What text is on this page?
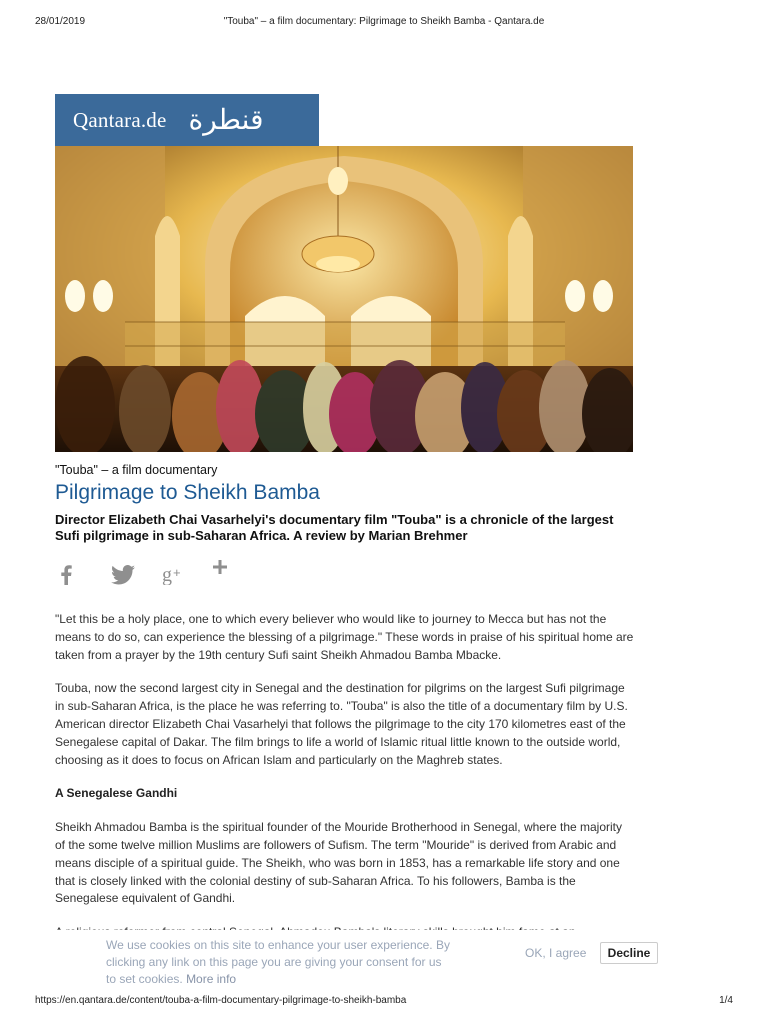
28/01/2019	"Touba" – a film documentary: Pilgrimage to Sheikh Bamba - Qantara.de
Qantara.de قنطرة
"Touba" – a film documentary
Pilgrimage to Sheikh Bamba

Director Elizabeth Chai Vasarhelyi's documentary film "Touba" is a chronicle of the largest Sufi pilgrimage in sub-Saharan Africa. A review by Marian Brehmer

g +

"Let this be a holy place, one to which every believer who would like to journey to Mecca but has not the means to do so, can experience the blessing of a pilgrimage." These words in praise of his spiritual home are taken from a prayer by the 19th century Sufi saint Sheikh Ahmadou Bamba Mbacke.

Touba, now the second largest city in Senegal and the destination for pilgrims on the largest Sufi pilgrimage in sub-Saharan Africa, is the place he was referring to. "Touba" is also the title of a documentary film by U.S. American director Elizabeth Chai Vasarhelyi that follows the pilgrimage to the city 170 kilometres east of the Senegalese capital of Dakar. The film brings to life a world of Islamic ritual little known to the outside world, choosing as it does to focus on African Islam and particularly on the Maghreb states.

A Senegalese Gandhi

Sheikh Ahmadou Bamba is the spiritual founder of the Mouride Brotherhood in Senegal, where the majority of the some twelve million Muslims are followers of Sufism. The term "Mouride" is derived from Arabic and means disciple of a spiritual guide. The Sheikh, who was born in 1853, has a remarkable life story and one that is closely linked with the colonial destiny of sub-Saharan Africa. To his followers, Bamba is the Senegalese equivalent of Gandhi.

We use cookies on this site to enhance your user experience. By clicking any link on this page you are giving your consent for us to set cookies. More info
OK, I agree	Decline
https://en.qantara.de/content/touba-a-film-documentary-pilgrimage-to-sheikh-bamba	1/4
